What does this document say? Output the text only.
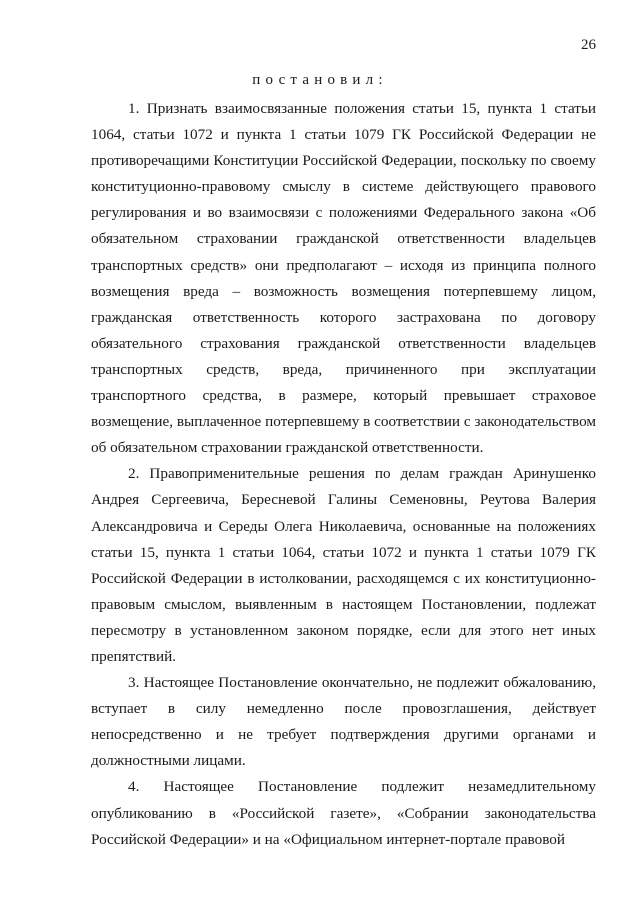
26
постановил:

1. Признать взаимосвязанные положения статьи 15, пункта 1 статьи 1064, статьи 1072 и пункта 1 статьи 1079 ГК Российской Федерации не противоречащими Конституции Российской Федерации, поскольку по своему конституционно-правовому смыслу в системе действующего правового регулирования и во взаимосвязи с положениями Федерального закона «Об обязательном страховании гражданской ответственности владельцев транспортных средств» они предполагают – исходя из принципа полного возмещения вреда – возможность возмещения потерпевшему лицом, гражданская ответственность которого застрахована по договору обязательного страхования гражданской ответственности владельцев транспортных средств, вреда, причиненного при эксплуатации транспортного средства, в размере, который превышает страховое возмещение, выплаченное потерпевшему в соответствии с законодательством об обязательном страховании гражданской ответственности.

2. Правоприменительные решения по делам граждан Аринушенко Андрея Сергеевича, Бересневой Галины Семеновны, Реутова Валерия Александровича и Середы Олега Николаевича, основанные на положениях статьи 15, пункта 1 статьи 1064, статьи 1072 и пункта 1 статьи 1079 ГК Российской Федерации в истолковании, расходящемся с их конституционно-правовым смыслом, выявленным в настоящем Постановлении, подлежат пересмотру в установленном законом порядке, если для этого нет иных препятствий.

3. Настоящее Постановление окончательно, не подлежит обжалованию, вступает в силу немедленно после провозглашения, действует непосредственно и не требует подтверждения другими органами и должностными лицами.

4. Настоящее Постановление подлежит незамедлительному опубликованию в «Российской газете», «Собрании законодательства Российской Федерации» и на «Официальном интернет-портале правовой
